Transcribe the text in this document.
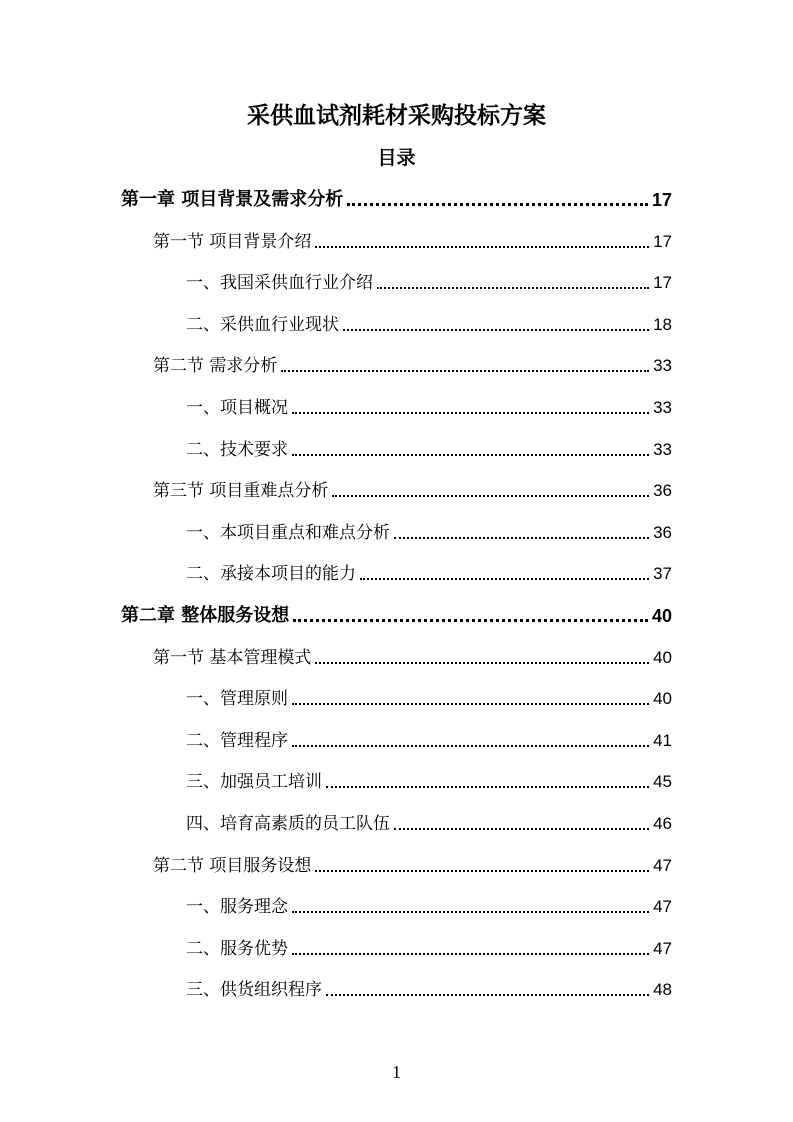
采供血试剂耗材采购投标方案
目录
第一章 项目背景及需求分析	17
第一节 项目背景介绍	17
一、我国采供血行业介绍	17
二、采供血行业现状	18
第二节 需求分析	33
一、项目概况	33
二、技术要求	33
第三节 项目重难点分析	36
一、本项目重点和难点分析	36
二、承接本项目的能力	37
第二章 整体服务设想	40
第一节 基本管理模式	40
一、管理原则	40
二、管理程序	41
三、加强员工培训	45
四、培育高素质的员工队伍	46
第二节 项目服务设想	47
一、服务理念	47
二、服务优势	47
三、供货组织程序	48
1
